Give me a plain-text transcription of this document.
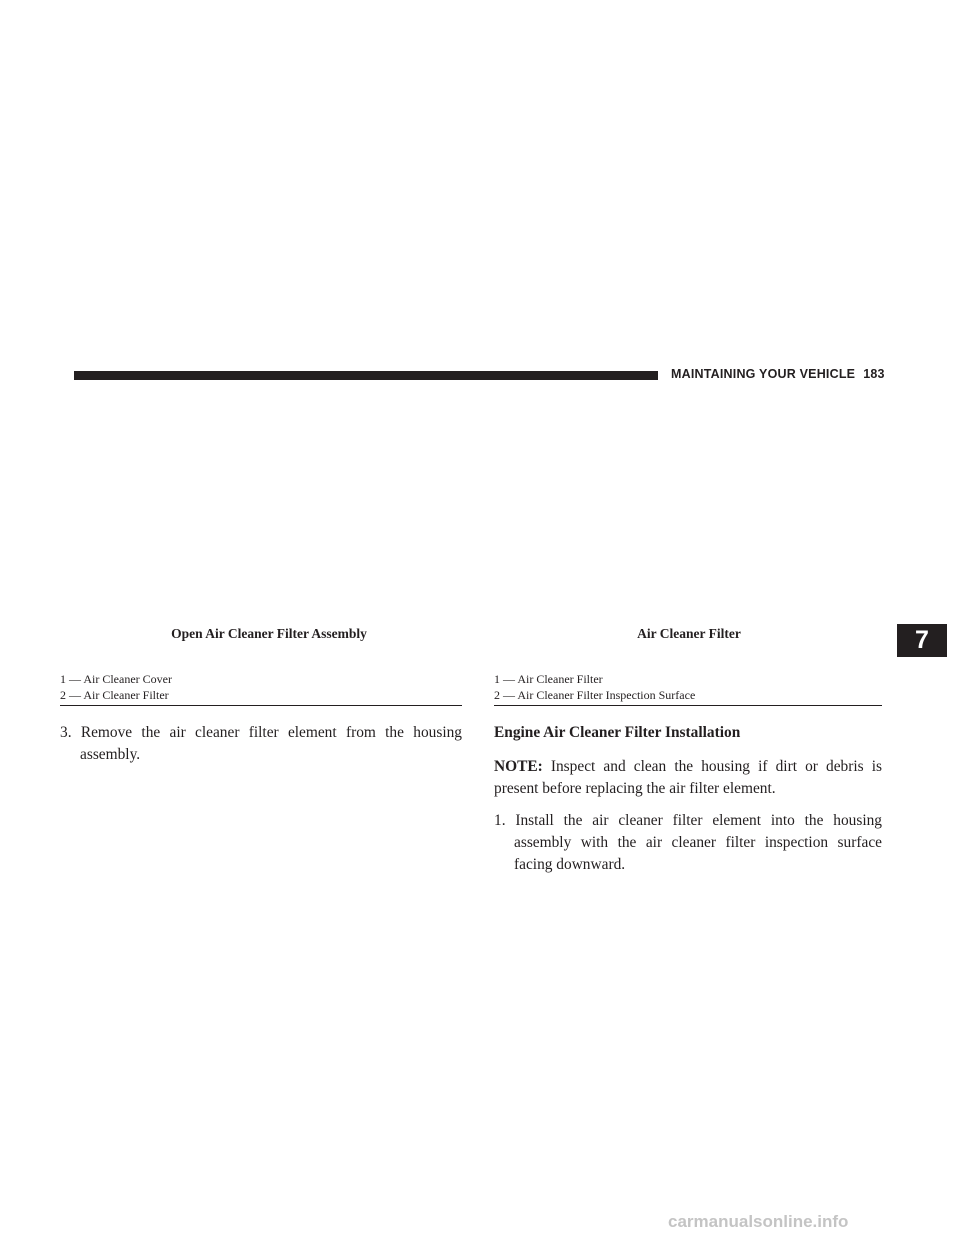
MAINTAINING YOUR VEHICLE 183
Open Air Cleaner Filter Assembly	Air Cleaner Filter
1 — Air Cleaner Cover
2 — Air Cleaner Filter
1 — Air Cleaner Filter
2 — Air Cleaner Filter Inspection Surface

3. Remove the air cleaner filter element from the housing assembly.

Engine Air Cleaner Filter Installation

NOTE: Inspect and clean the housing if dirt or debris is present before replacing the air filter element.

1. Install the air cleaner filter element into the housing assembly with the air cleaner filter inspection surface facing downward.

7
carmanualsonline.info
